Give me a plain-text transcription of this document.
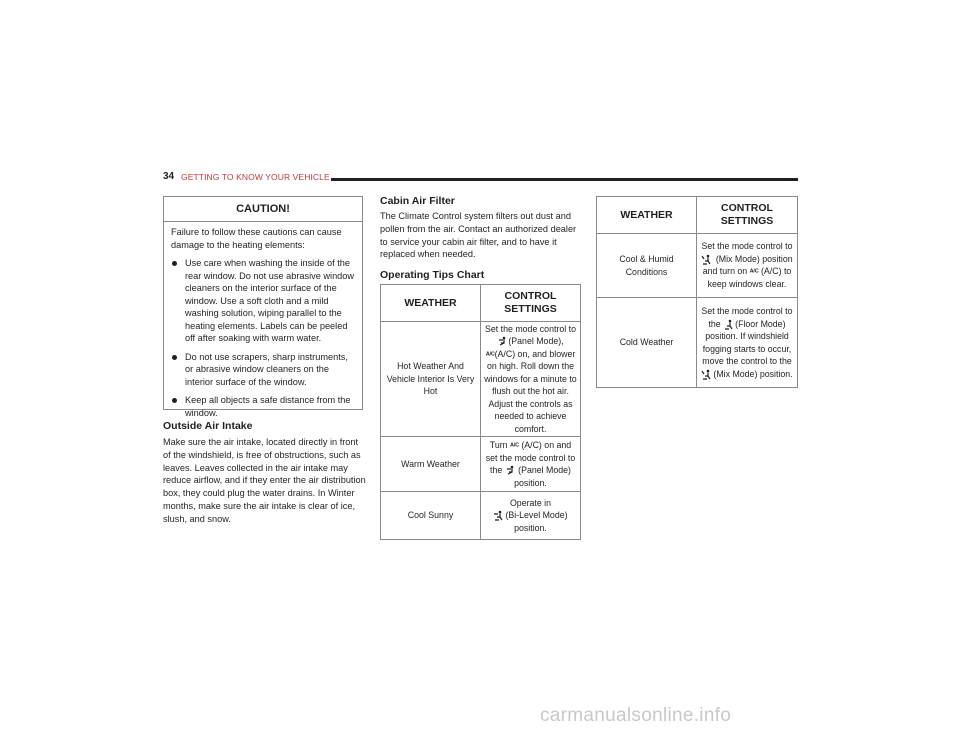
34 GETTING TO KNOW YOUR VEHICLE
CAUTION!

Failure to follow these cautions can cause damage to the heating elements:

Use care when washing the inside of the rear window. Do not use abrasive window cleaners on the interior surface of the window. Use a soft cloth and a mild washing solution, wiping parallel to the heating elements. Labels can be peeled off after soaking with warm water.
Do not use scrapers, sharp instruments, or abrasive window cleaners on the interior surface of the window.
Keep all objects a safe distance from the window.
Outside Air Intake
Make sure the air intake, located directly in front of the windshield, is free of obstructions, such as leaves. Leaves collected in the air intake may reduce airflow, and if they enter the air distribution box, they could plug the water drains. In Winter months, make sure the air intake is clear of ice, slush, and snow.
Cabin Air Filter
The Climate Control system filters out dust and pollen from the air. Contact an authorized dealer to service your cabin air filter, and to have it replaced when needed.
Operating Tips Chart
WEATHER	CONTROL SETTINGS
Hot Weather And Vehicle Interior Is Very Hot	Set the mode control to (Panel Mode),
A/C(A/C) on, and blower on high. Roll down the windows for a minute to flush out the hot air. Adjust the controls as needed to achieve comfort.
Warm Weather	Turn A/C (A/C) on and set the mode control to the (Panel Mode) position.
Cool Sunny	Operate in
(Bi-Level Mode) position.
WEATHER	CONTROL SETTINGS
Cool & Humid Conditions	Set the mode control to  (Mix Mode) position and turn on A/C (A/C) to keep windows clear.
Cold Weather	Set the mode control to the (Floor Mode) position. If windshield fogging starts to occur, move the control to the (Mix Mode) position.
carmanualsonline.info
